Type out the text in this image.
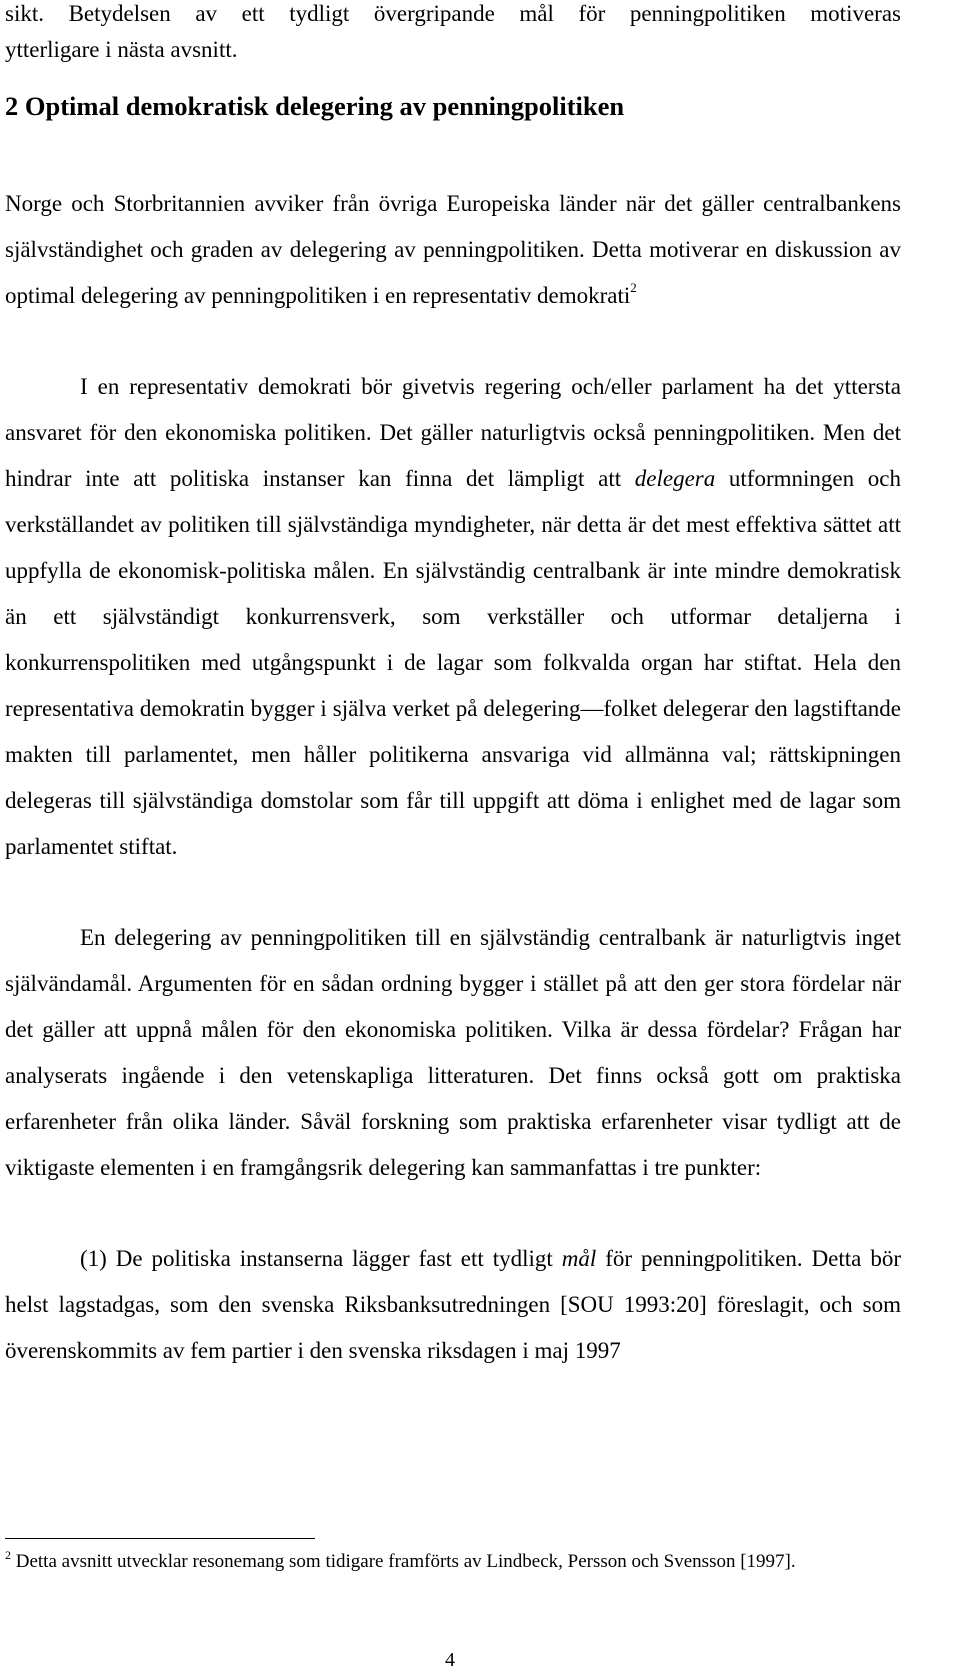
sikt. Betydelsen av ett tydligt övergripande mål för penningpolitiken motiveras

ytterligare i nästa avsnitt.

2 Optimal demokratisk delegering av penningpolitiken

Norge och Storbritannien avviker från övriga Europeiska länder när det gäller centralbankens självständighet och graden av delegering av penningpolitiken. Detta motiverar en diskussion av optimal delegering av penningpolitiken i en representativ demokrati$^2$

I en representativ demokrati bör givetvis regering och/eller parlament ha det yttersta ansvaret för den ekonomiska politiken. Det gäller naturligtvis också penningpolitiken. Men det hindrar inte att politiska instanser kan finna det lämpligt att delegera utformningen och verkställandet av politiken till självständiga myndigheter, när detta är det mest effektiva sättet att uppfylla de ekonomisk-politiska målen. En självständig centralbank är inte mindre demokratisk än ett självständigt konkurrensverk, som verkställer och utformar detaljerna i konkurrenspolitiken med utgångspunkt i de lagar som folkvalda organ har stiftat. Hela den representativa demokratin bygger i själva verket på delegering—folket delegerar den lagstiftande makten till parlamentet, men håller politikerna ansvariga vid allmänna val; rättskipningen delegeras till självständiga domstolar som får till uppgift att döma i enlighet med de lagar som parlamentet stiftat.

En delegering av penningpolitiken till en självständig centralbank är naturligtvis inget självändamål. Argumenten för en sådan ordning bygger i stället på att den ger stora fördelar när det gäller att uppnå målen för den ekonomiska politiken. Vilka är dessa fördelar? Frågan har analyserats ingående i den vetenskapliga litteraturen. Det finns också gott om praktiska erfarenheter från olika länder. Såväl forskning som praktiska erfarenheter visar tydligt att de viktigaste elementen i en framgångsrik delegering kan sammanfattas i tre punkter:

(1) De politiska instanserna lägger fast ett tydligt mål för penningpolitiken. Detta bör helst lagstadgas, som den svenska Riksbanksutredningen [SOU 1993:20] föreslagit, och som överenskommits av fem partier i den svenska riksdagen i maj 1997

$^2$ Detta avsnitt utvecklar resonemang som tidigare framförts av Lindbeck, Persson och Svensson [1997].

4
